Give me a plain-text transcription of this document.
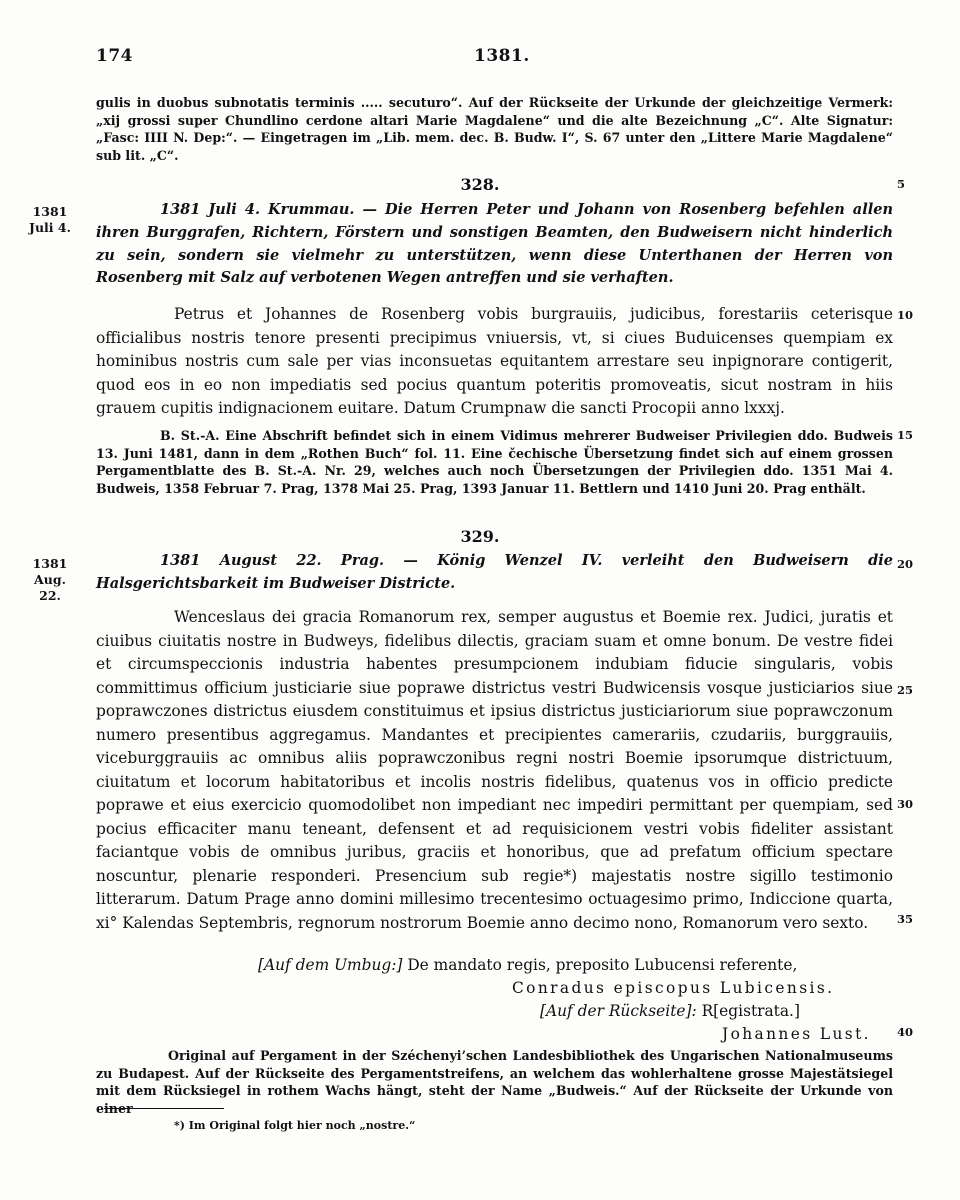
174	1381.

gulis in duobus subnotatis terminis ..... secuturo“. Auf der Rückseite der Urkunde der gleichzeitige Vermerk: „xij grossi super Chundlino cerdone altari Marie Magdalene“ und die alte Bezeichnung „C“. Alte Signatur: „Fasc: IIII N. Dep:“. — Eingetragen im „Lib. mem. dec. B. Budw. I“, S. 67 unter den „Littere Marie Magdalene“ sub lit. „C“.

328.
1381
Juli 4.

1381 Juli 4. Krummau. — Die Herren Peter und Johann von Rosenberg befehlen allen ihren Burggrafen, Richtern, Förstern und sonstigen Beamten, den Budweisern nicht hinderlich zu sein, sondern sie vielmehr zu unterstützen, wenn diese Unterthanen der Herren von Rosenberg mit Salz auf verbotenen Wegen antreffen und sie verhaften.

Petrus et Johannes de Rosenberg vobis burgrauiis, judicibus, forestariis ceterisque officialibus nostris tenore presenti precipimus vniuersis, vt, si ciues Buduicenses quempiam ex hominibus nostris cum sale per vias inconsuetas equitantem arrestare seu inpignorare contigerit, quod eos in eo non impediatis sed pocius quantum poteritis promoveatis, sicut nostram in hiis grauem cupitis indignacionem euitare. Datum Crumpnaw die sancti Procopii anno lxxxj.

B. St.-A. Eine Abschrift befindet sich in einem Vidimus mehrerer Budweiser Privilegien ddo. Budweis 13. Juni 1481, dann in dem „Rothen Buch“ fol. 11. Eine čechische Übersetzung findet sich auf einem grossen Pergamentblatte des B. St.-A. Nr. 29, welches auch noch Übersetzungen der Privilegien ddo. 1351 Mai 4. Budweis, 1358 Februar 7. Prag, 1378 Mai 25. Prag, 1393 Januar 11. Bettlern und 1410 Juni 20. Prag enthält.

329.
1381
Aug. 22.

1381 August 22. Prag. — König Wenzel IV. verleiht den Budweisern die Halsgerichtsbarkeit im Budweiser Districte.

Wenceslaus dei gracia Romanorum rex, semper augustus et Boemie rex. Judici, juratis et ciuibus ciuitatis nostre in Budweys, fidelibus dilectis, graciam suam et omne bonum. De vestre fidei et circumspeccionis industria habentes presumpcionem indubiam fiducie singularis, vobis committimus officium justiciarie siue poprawe districtus vestri Budwicensis vosque justiciarios siue poprawczones districtus eiusdem constituimus et ipsius districtus justiciariorum siue poprawczonum numero presentibus aggregamus. Mandantes et precipientes camerariis, czudariis, burggrauiis, viceburggrauiis ac omnibus aliis poprawczonibus regni nostri Boemie ipsorumque districtuum, ciuitatum et locorum habitatoribus et incolis nostris fidelibus, quatenus vos in officio predicte poprawe et eius exercicio quomodolibet non impediant nec impediri permittant per quempiam, sed pocius efficaciter manu teneant, defensent et ad requisicionem vestri vobis fideliter assistant faciantque vobis de omnibus juribus, graciis et honoribus, que ad prefatum officium spectare noscuntur, plenarie responderi. Presencium sub regie*) majestatis nostre sigillo testimonio litterarum. Datum Prage anno domini millesimo trecentesimo octuagesimo primo, Indiccione quarta, xi° Kalendas Septembris, regnorum nostrorum Boemie anno decimo nono, Romanorum vero sexto.

[Auf dem Umbug:] De mandato regis, preposito Lubucensi referente,
Conradus episcopus Lubicensis.
[Auf der Rückseite]: R[egistrata.]
Johannes Lust.

Original auf Pergament in der Széchenyi’schen Landesbibliothek des Ungarischen Nationalmuseums zu Budapest. Auf der Rückseite des Pergamentstreifens, an welchem das wohlerhaltene grosse Majestätsiegel mit dem Rücksiegel in rothem Wachs hängt, steht der Name „Budweis.“ Auf der Rückseite der Urkunde von einer

5
10
15
20
25
30
35
40
*) Im Original folgt hier noch „nostre.“
